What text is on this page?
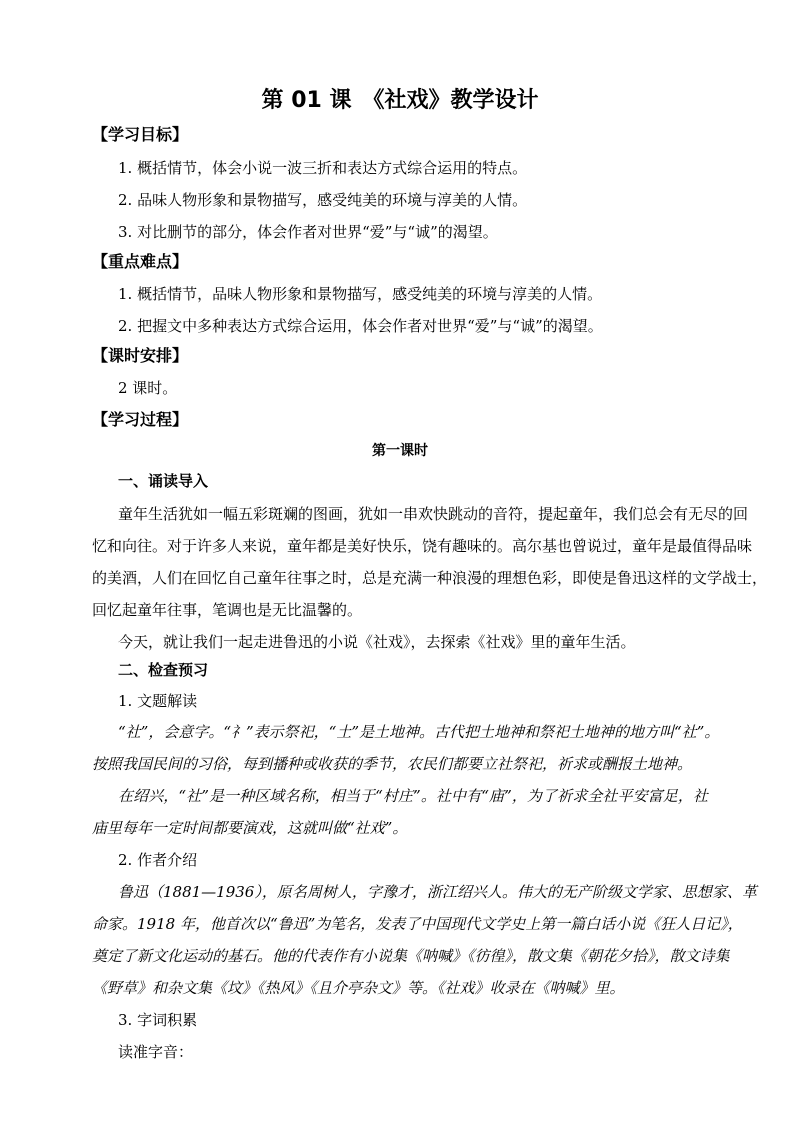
第 01 课　《社戏》教学设计
【学习目标】
1. 概括情节，体会小说一波三折和表达方式综合运用的特点。
2. 品味人物形象和景物描写，感受纯美的环境与淳美的人情。
3. 对比删节的部分，体会作者对世界“爱”与“诚”的渴望。
【重点难点】
1. 概括情节，品味人物形象和景物描写，感受纯美的环境与淳美的人情。
2. 把握文中多种表达方式综合运用，体会作者对世界“爱”与“诚”的渴望。
【课时安排】
2 课时。
【学习过程】
第一课时
一、诵读导入
童年生活犹如一幅五彩斑斓的图画，犹如一串欢快跳动的音符，提起童年，我们总会有无尽的回
忆和向往。对于许多人来说，童年都是美好快乐，饶有趣味的。高尔基也曾说过，童年是最值得品味
的美酒，人们在回忆自己童年往事之时，总是充满一种浪漫的理想色彩，即使是鲁迅这样的文学战士，
回忆起童年往事，笔调也是无比温馨的。
今天，就让我们一起走进鲁迅的小说《社戏》，去探索《社戏》里的童年生活。
二、检查预习
1. 文题解读
“社”，会意字。“礻”表示祭祀，“土”是土地神。古代把土地神和祭祀土地神的地方叫“社”。
按照我国民间的习俗，每到播种或收获的季节，农民们都要立社祭祀，祈求或酬报土地神。
在绍兴，“社”是一种区域名称，相当于“村庄”。社中有“庙”，为了祈求全社平安富足，社
庙里每年一定时间都要演戏，这就叫做“社戏”。
2. 作者介绍
鲁迅（1881—1936），原名周树人，字豫才，浙江绍兴人。伟大的无产阶级文学家、思想家、革
命家。1918 年，他首次以“鲁迅”为笔名，发表了中国现代文学史上第一篇白话小说《狂人日记》，
奠定了新文化运动的基石。他的代表作有小说集《呐喊》《彷徨》，散文集《朝花夕拾》，散文诗集
《野草》和杂文集《坟》《热风》《且介亭杂文》等。《社戏》收录在《呐喊》里。
3. 字词积累
读准字音：
